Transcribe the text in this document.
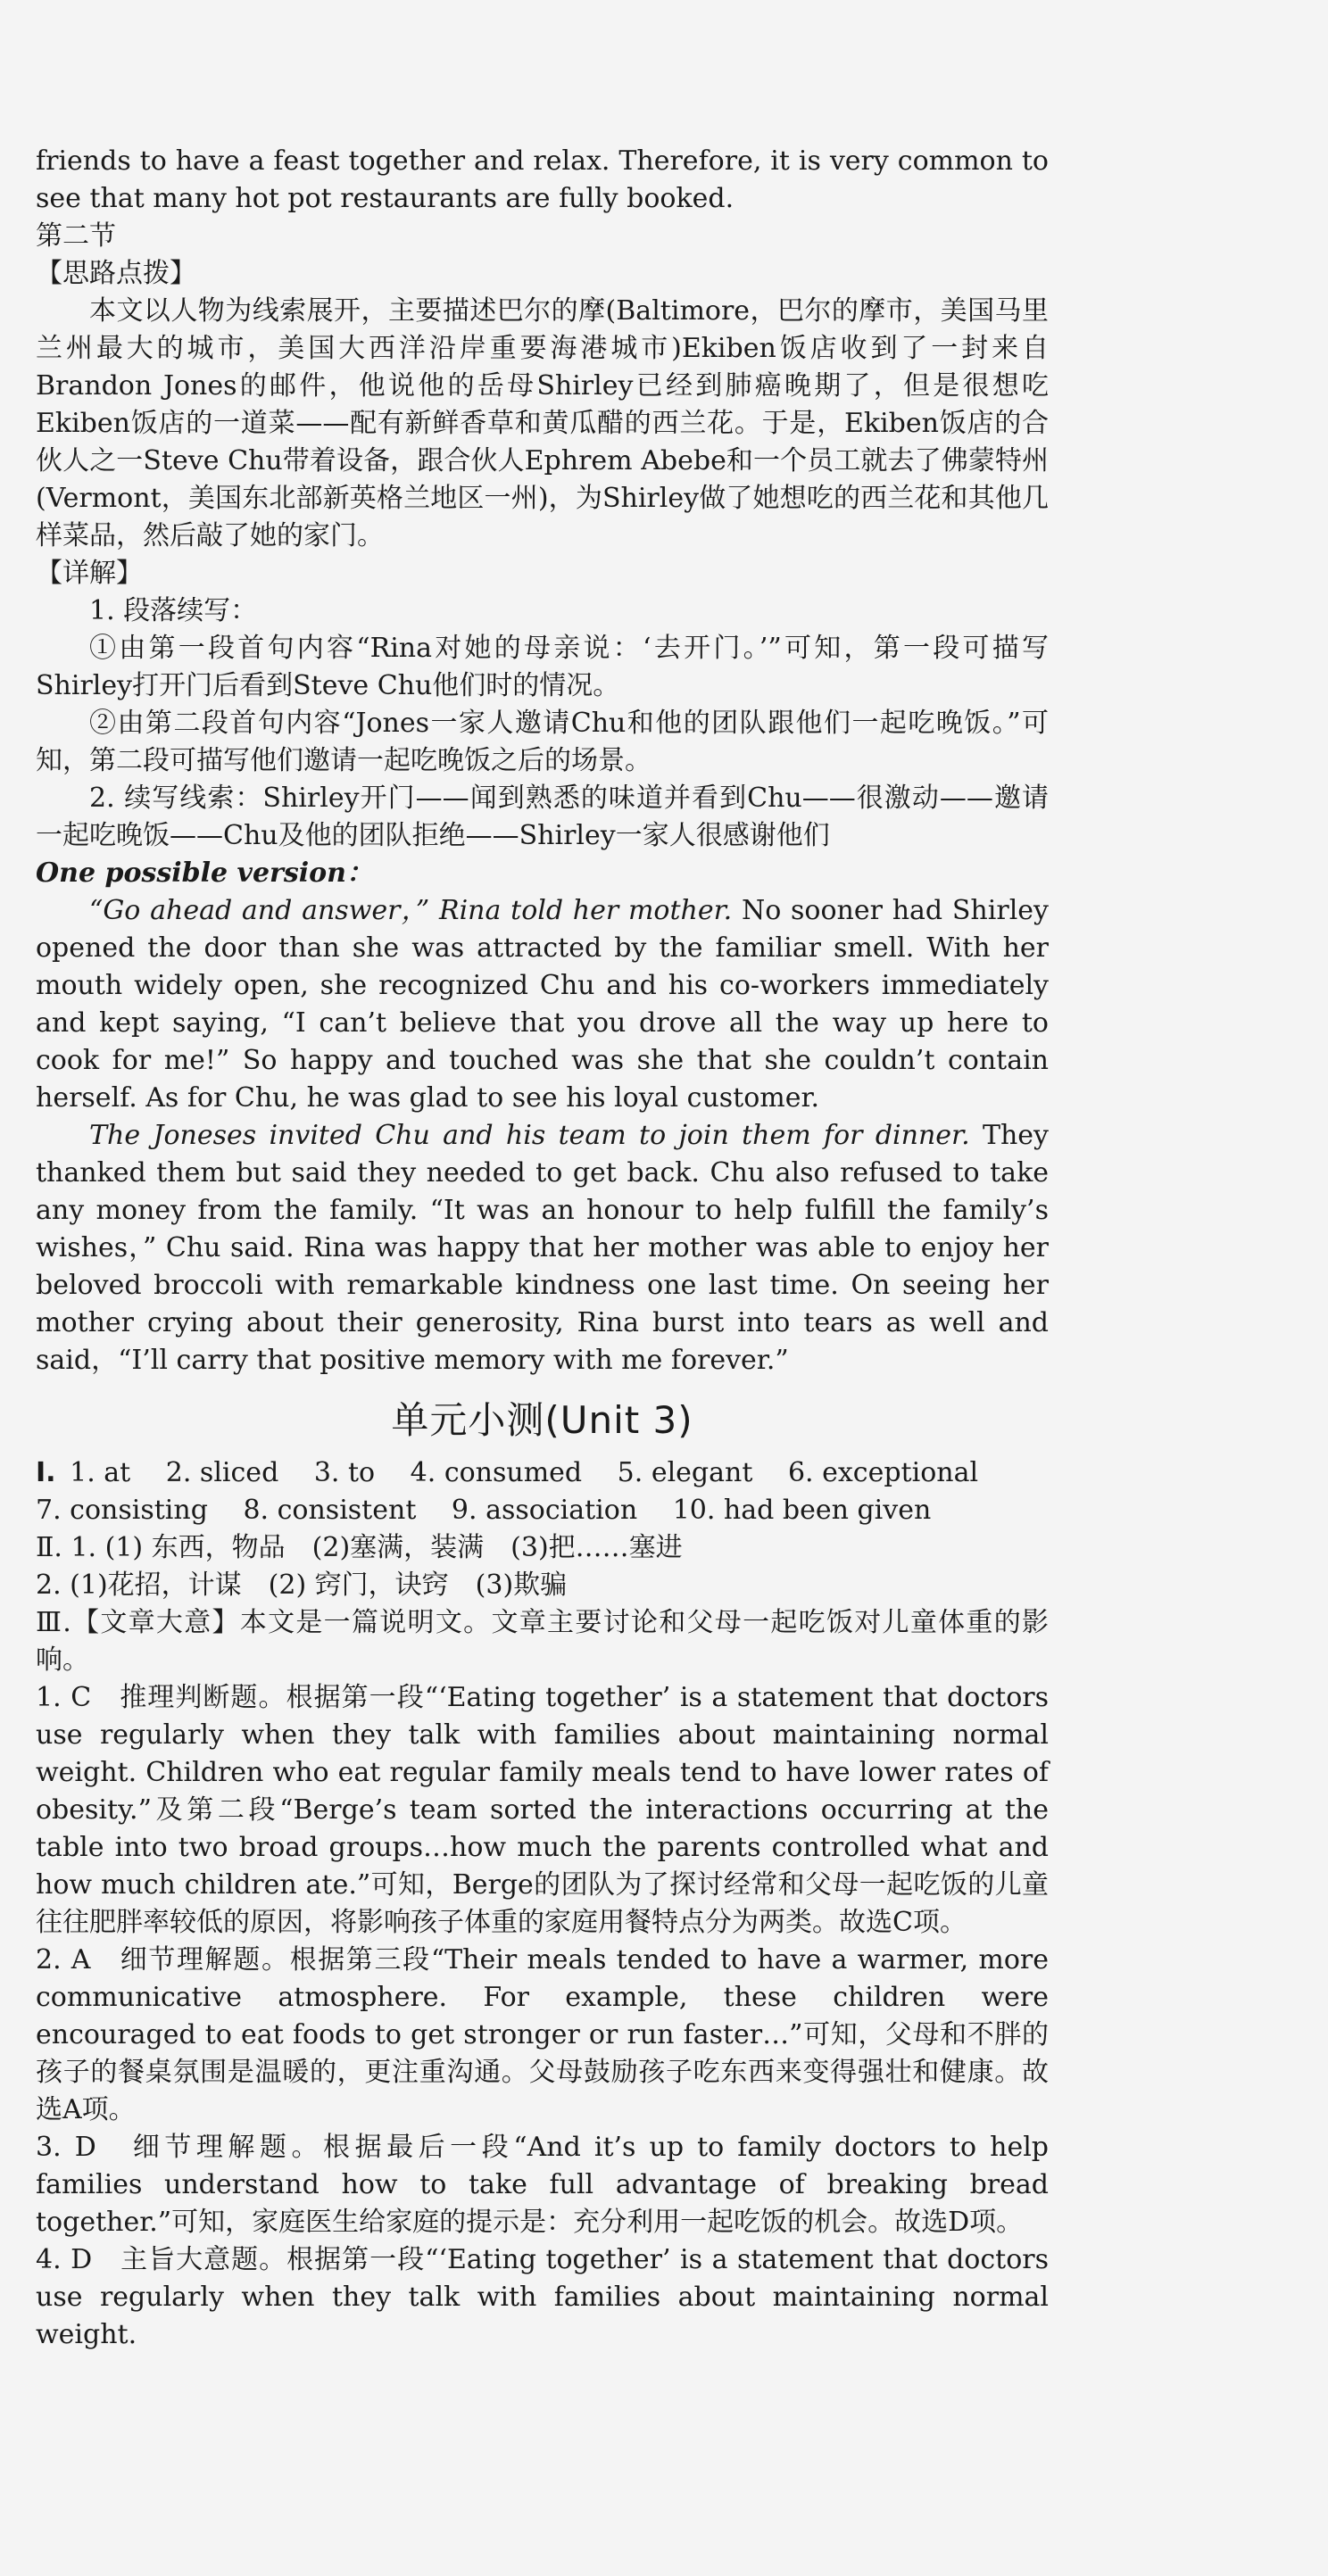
friends to have a feast together and relax. Therefore, it is very common to see that many hot pot restaurants are fully booked.

第二节
【思路点拨】

本文以人物为线索展开，主要描述巴尔的摩(Baltimore，巴尔的摩市，美国马里兰州最大的城市，美国大西洋沿岸重要海港城市)Ekiben饭店收到了一封来自Brandon Jones的邮件，他说他的岳母Shirley已经到肺癌晚期了，但是很想吃Ekiben饭店的一道菜——配有新鲜香草和黄瓜醋的西兰花。于是，Ekiben饭店的合伙人之一Steve Chu带着设备，跟合伙人Ephrem Abebe和一个员工就去了佛蒙特州(Vermont，美国东北部新英格兰地区一州)，为Shirley做了她想吃的西兰花和其他几样菜品，然后敲了她的家门。

【详解】

1. 段落续写：

①由第一段首句内容“Rina对她的母亲说：‘去开门。’”可知，第一段可描写Shirley打开门后看到Steve Chu他们时的情况。

②由第二段首句内容“Jones一家人邀请Chu和他的团队跟他们一起吃晚饭。”可知，第二段可描写他们邀请一起吃晚饭之后的场景。

2. 续写线索：Shirley开门——闻到熟悉的味道并看到Chu——很激动——邀请一起吃晚饭——Chu及他的团队拒绝——Shirley一家人很感谢他们

One possible version：

“Go ahead and answer，” Rina told her mother. No sooner had Shirley opened the door than she was attracted by the familiar smell. With her mouth widely open, she recognized Chu and his co-workers immediately and kept saying, “I can’t believe that you drove all the way up here to cook for me!” So happy and touched was she that she couldn’t contain herself. As for Chu, he was glad to see his loyal customer.

The Joneses invited Chu and his team to join them for dinner. They thanked them but said they needed to get back. Chu also refused to take any money from the family. “It was an honour to help fulfill the family’s wishes，” Chu said. Rina was happy that her mother was able to enjoy her beloved broccoli with remarkable kindness one last time. On seeing her mother crying about their generosity, Rina burst into tears as well and said，“I’ll carry that positive memory with me forever.”

单元小测(Unit 3)
Ⅰ. 1. at 2. sliced 3. to 4. consumed 5. elegant 6. exceptional 7. consisting 8. consistent 9. association 10. had been given
Ⅱ. 1. (1) 东西，物品　(2)塞满，装满　(3)把……塞进
2. (1)花招，计谋　(2) 窍门，诀窍　(3)欺骗

Ⅲ.【文章大意】本文是一篇说明文。文章主要讨论和父母一起吃饭对儿童体重的影响。

1. C　推理判断题。根据第一段“‘Eating together’ is a statement that doctors use regularly when they talk with families about maintaining normal weight. Children who eat regular family meals tend to have lower rates of obesity.”及第二段“Berge’s team sorted the interactions occurring at the table into two broad groups…how much the parents controlled what and how much children ate.”可知，Berge的团队为了探讨经常和父母一起吃饭的儿童往往肥胖率较低的原因，将影响孩子体重的家庭用餐特点分为两类。故选C项。

2. A　细节理解题。根据第三段“Their meals tended to have a warmer, more communicative atmosphere. For example, these children were encouraged to eat foods to get stronger or run faster…”可知，父母和不胖的孩子的餐桌氛围是温暖的，更注重沟通。父母鼓励孩子吃东西来变得强壮和健康。故选A项。

3. D　细节理解题。根据最后一段“And it’s up to family doctors to help families understand how to take full advantage of breaking bread together.”可知，家庭医生给家庭的提示是：充分利用一起吃饭的机会。故选D项。

4. D　主旨大意题。根据第一段“‘Eating together’ is a statement that doctors use regularly when they talk with families about maintaining normal weight.
